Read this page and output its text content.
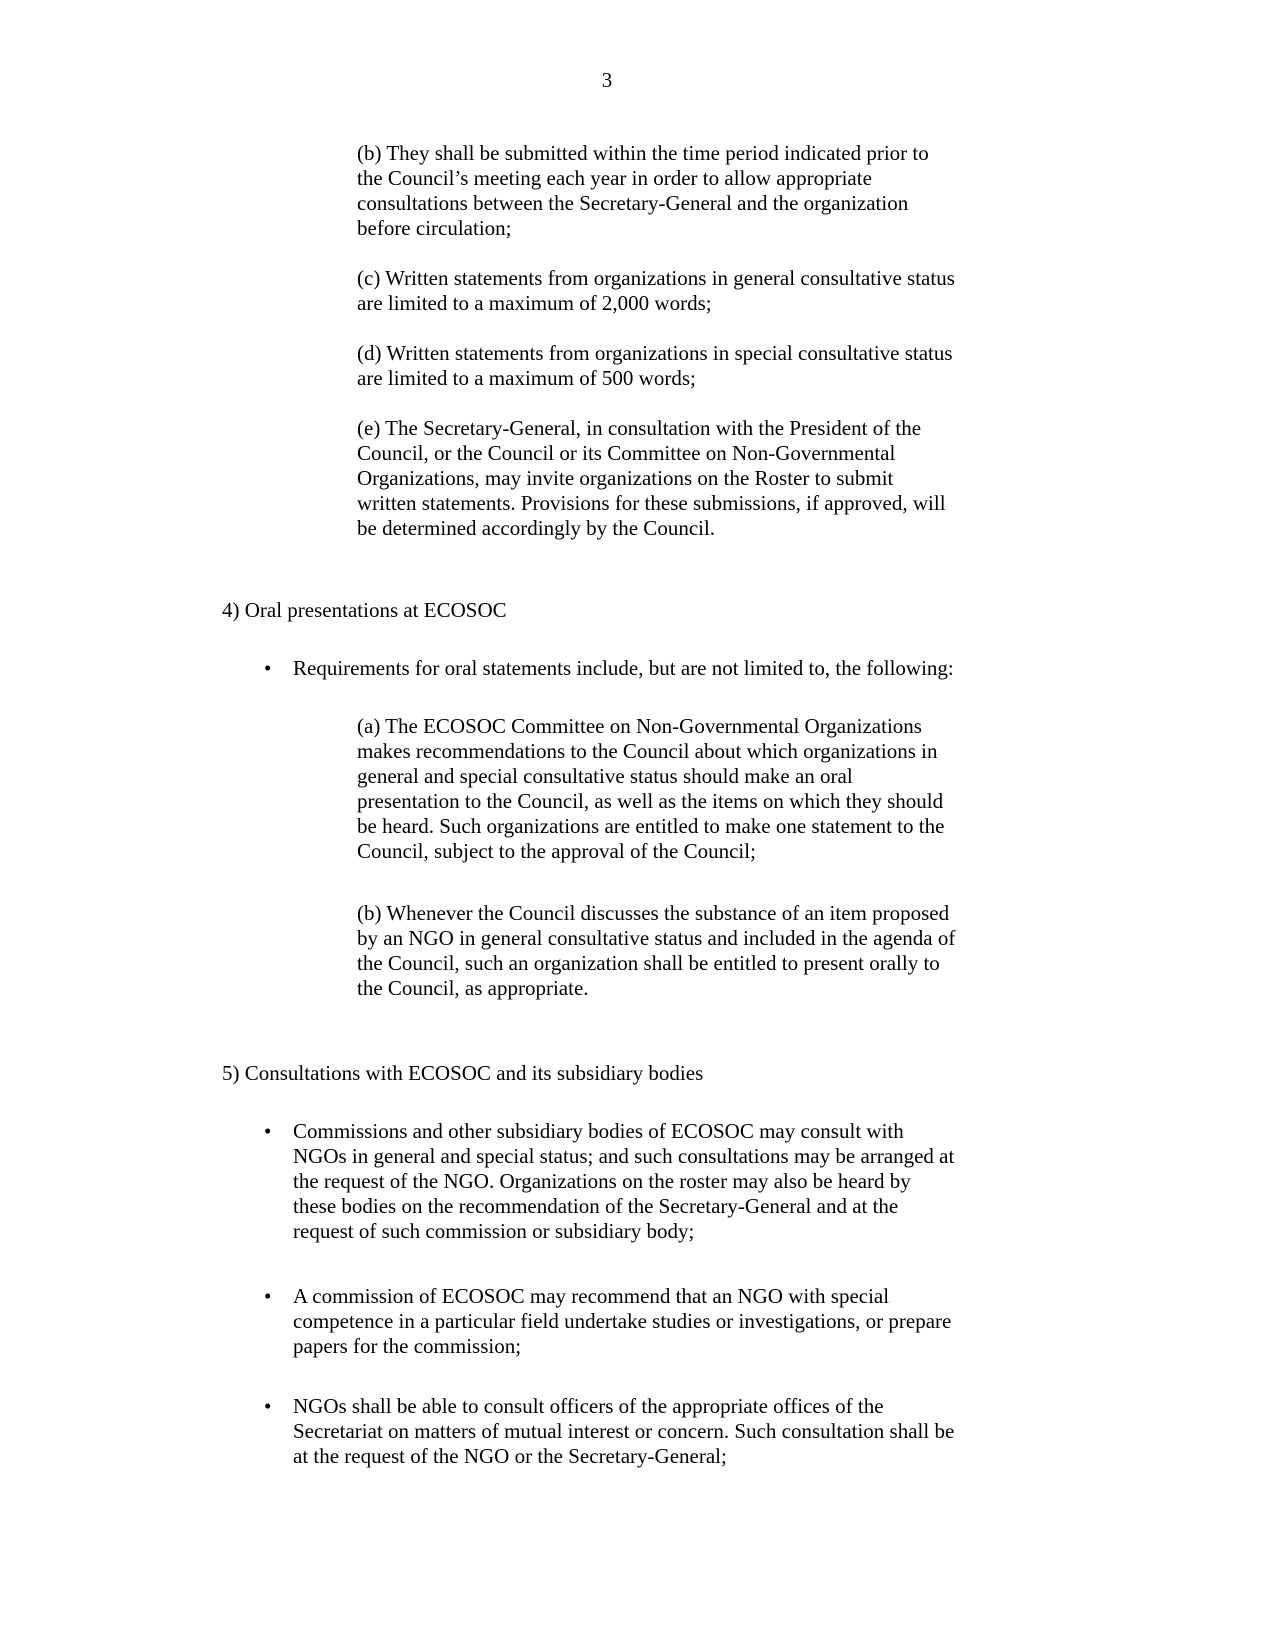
3
(b) They shall be submitted within the time period indicated prior to
the Council’s meeting each year in order to allow appropriate
consultations between the Secretary-General and the organization
before circulation;
(c) Written statements from organizations in general consultative status
are limited to a maximum of 2,000 words;
(d) Written statements from organizations in special consultative status
are limited to a maximum of 500 words;
(e) The Secretary-General, in consultation with the President of the
Council, or the Council or its Committee on Non-Governmental
Organizations, may invite organizations on the Roster to submit
written statements. Provisions for these submissions, if approved, will
be determined accordingly by the Council.
4) Oral presentations at ECOSOC
•	Requirements for oral statements include, but are not limited to, the following:
(a) The ECOSOC Committee on Non-Governmental Organizations
makes recommendations to the Council about which organizations in
general and special consultative status should make an oral
presentation to the Council, as well as the items on which they should
be heard. Such organizations are entitled to make one statement to the
Council, subject to the approval of the Council;
(b) Whenever the Council discusses the substance of an item proposed
by an NGO in general consultative status and included in the agenda of
the Council, such an organization shall be entitled to present orally to
the Council, as appropriate.
5) Consultations with ECOSOC and its subsidiary bodies
•	Commissions and other subsidiary bodies of ECOSOC may consult with
NGOs in general and special status; and such consultations may be arranged at
the request of the NGO. Organizations on the roster may also be heard by
these bodies on the recommendation of the Secretary-General and at the
request of such commission or subsidiary body;
•	A commission of ECOSOC may recommend that an NGO with special
competence in a particular field undertake studies or investigations, or prepare
papers for the commission;
•	NGOs shall be able to consult officers of the appropriate offices of the
Secretariat on matters of mutual interest or concern. Such consultation shall be
at the request of the NGO or the Secretary-General;
